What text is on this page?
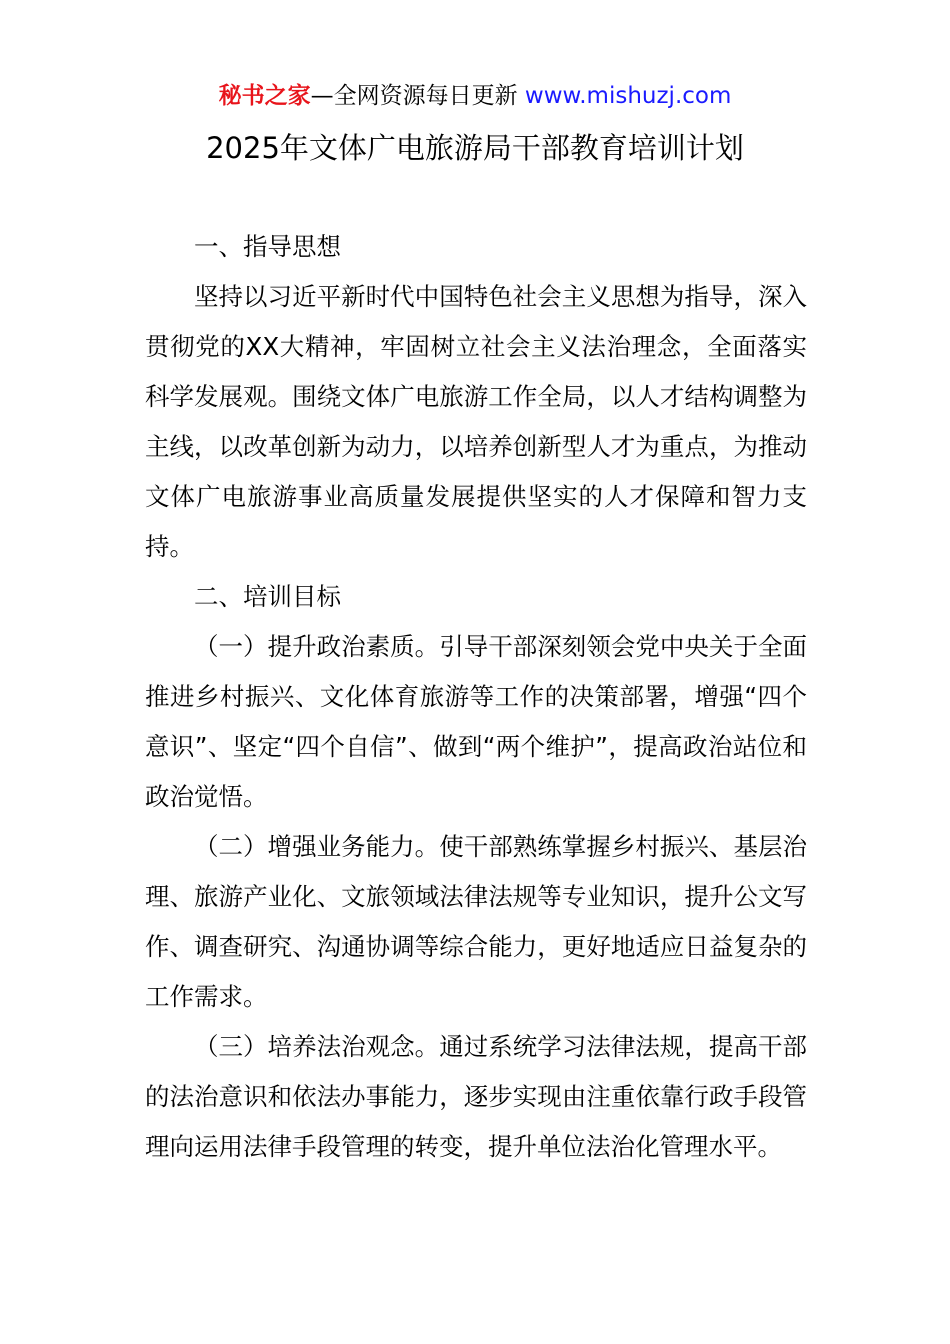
秘书之家—全网资源每日更新 www.mishuzj.com
2025年文体广电旅游局干部教育培训计划

一、指导思想

坚持以习近平新时代中国特色社会主义思想为指导，深入贯彻党的XX大精神，牢固树立社会主义法治理念，全面落实科学发展观。围绕文体广电旅游工作全局，以人才结构调整为主线，以改革创新为动力，以培养创新型人才为重点，为推动文体广电旅游事业高质量发展提供坚实的人才保障和智力支持。

二、培训目标

（一）提升政治素质。引导干部深刻领会党中央关于全面推进乡村振兴、文化体育旅游等工作的决策部署，增强“四个意识”、坚定“四个自信”、做到“两个维护”，提高政治站位和政治觉悟。

（二）增强业务能力。使干部熟练掌握乡村振兴、基层治理、旅游产业化、文旅领域法律法规等专业知识，提升公文写作、调查研究、沟通协调等综合能力，更好地适应日益复杂的工作需求。

（三）培养法治观念。通过系统学习法律法规，提高干部的法治意识和依法办事能力，逐步实现由注重依靠行政手段管理向运用法律手段管理的转变，提升单位法治化管理水平。
